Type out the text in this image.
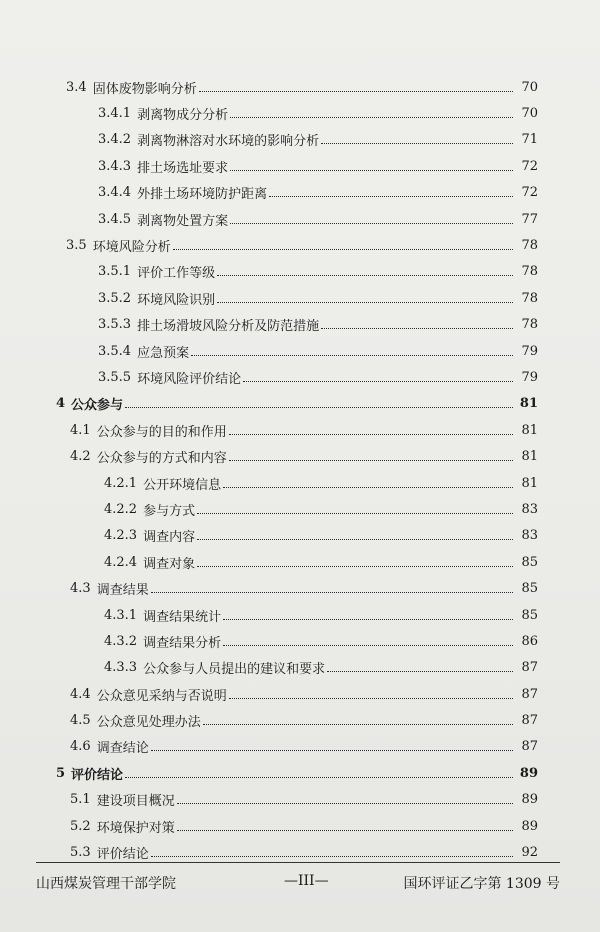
3.4 固体废物影响分析	70
3.4.1 剥离物成分分析	70
3.4.2 剥离物淋溶对水环境的影响分析	71
3.4.3 排土场选址要求	72
3.4.4 外排土场环境防护距离	72
3.4.5 剥离物处置方案	77
3.5 环境风险分析	78
3.5.1 评价工作等级	78
3.5.2 环境风险识别	78
3.5.3 排土场滑坡风险分析及防范措施	78
3.5.4 应急预案	79
3.5.5 环境风险评价结论	79
4 公众参与	81
4.1 公众参与的目的和作用	81
4.2 公众参与的方式和内容	81
4.2.1 公开环境信息	81
4.2.2 参与方式	83
4.2.3 调查内容	83
4.2.4 调查对象	85
4.3 调查结果	85
4.3.1 调查结果统计	85
4.3.2 调查结果分析	86
4.3.3 公众参与人员提出的建议和要求	87
4.4 公众意见采纳与否说明	87
4.5 公众意见处理办法	87
4.6 调查结论	87
5 评价结论	89
5.1 建设项目概况	89
5.2 环境保护对策	89
5.3 评价结论	92
山西煤炭管理干部学院	—III—	国环评证乙字第 1309 号
